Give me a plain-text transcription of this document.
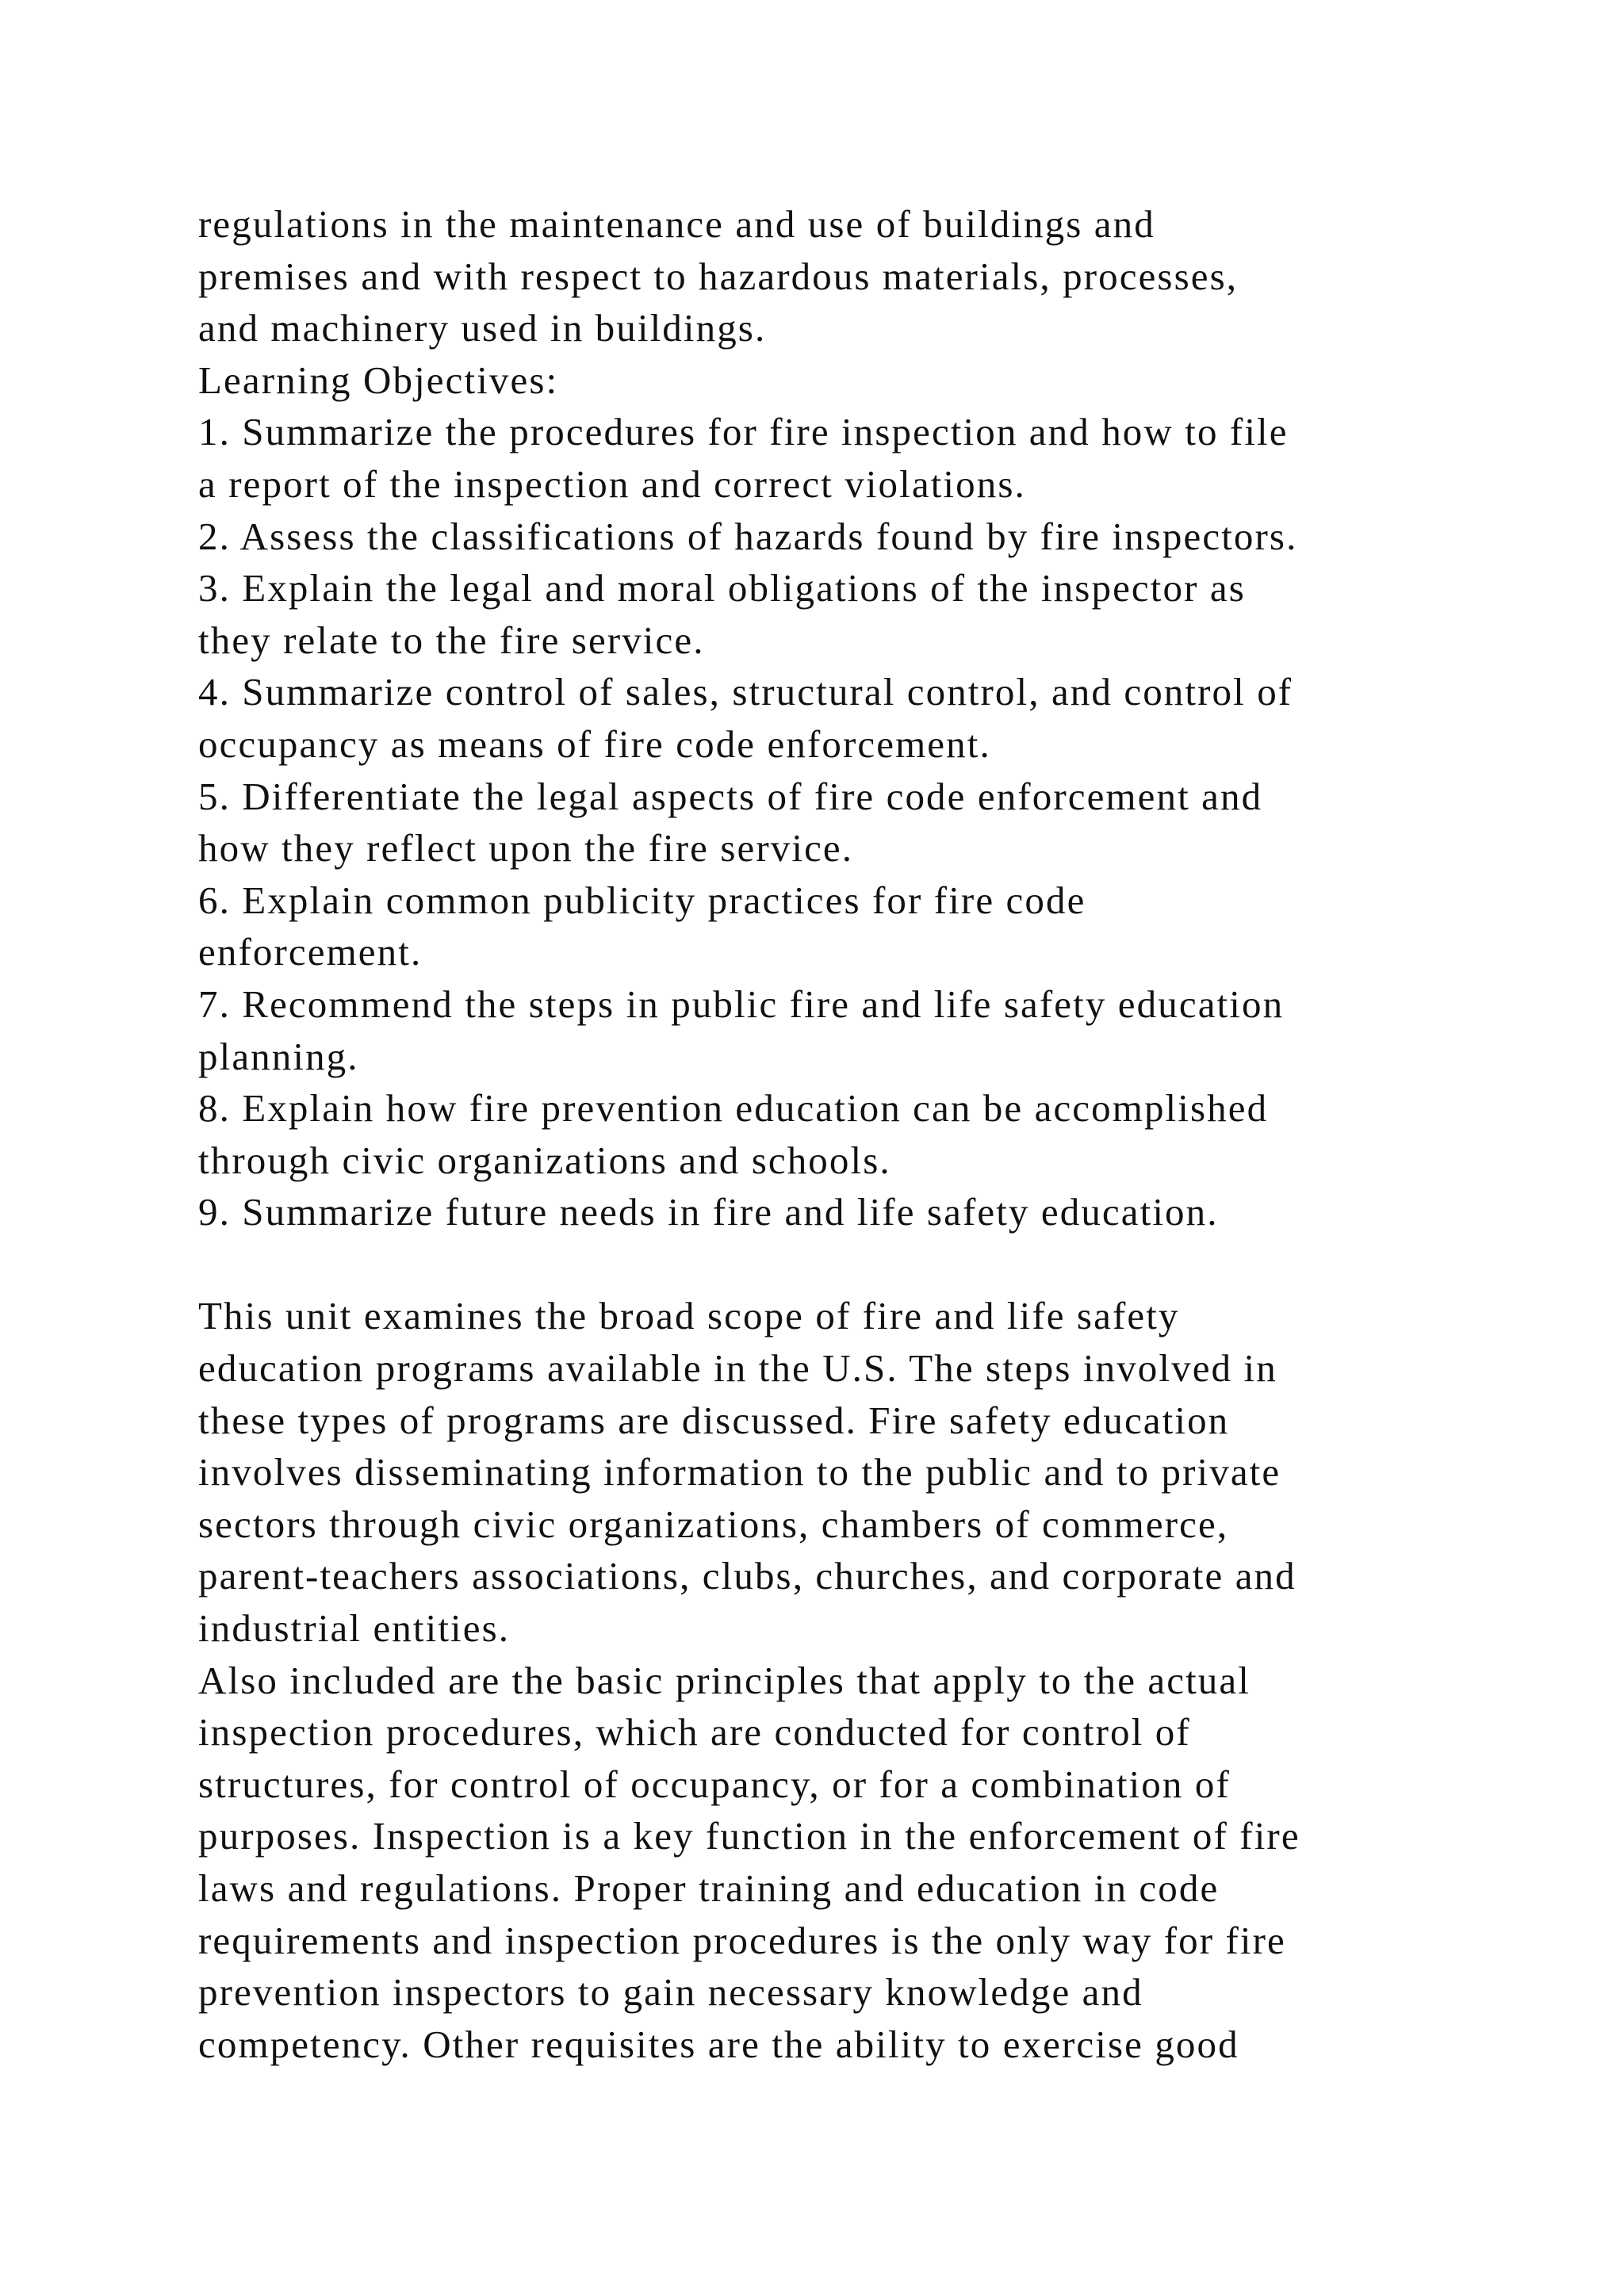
regulations in the maintenance and use of buildings and
premises and with respect to hazardous materials, processes,
and machinery used in buildings.
Learning Objectives:
1. Summarize the procedures for fire inspection and how to file
a report of the inspection and correct violations.
2. Assess the classifications of hazards found by fire inspectors.
3. Explain the legal and moral obligations of the inspector as
they relate to the fire service.
4. Summarize control of sales, structural control, and control of
occupancy as means of fire code enforcement.
5. Differentiate the legal aspects of fire code enforcement and
how they reflect upon the fire service.
6. Explain common publicity practices for fire code
enforcement.
7. Recommend the steps in public fire and life safety education
planning.
8. Explain how fire prevention education can be accomplished
through civic organizations and schools.
9. Summarize future needs in fire and life safety education.
This unit examines the broad scope of fire and life safety
education programs available in the U.S. The steps involved in
these types of programs are discussed. Fire safety education
involves disseminating information to the public and to private
sectors through civic organizations, chambers of commerce,
parent-teachers associations, clubs, churches, and corporate and
industrial entities.
Also included are the basic principles that apply to the actual
inspection procedures, which are conducted for control of
structures, for control of occupancy, or for a combination of
purposes. Inspection is a key function in the enforcement of fire
laws and regulations. Proper training and education in code
requirements and inspection procedures is the only way for fire
prevention inspectors to gain necessary knowledge and
competency. Other requisites are the ability to exercise good
